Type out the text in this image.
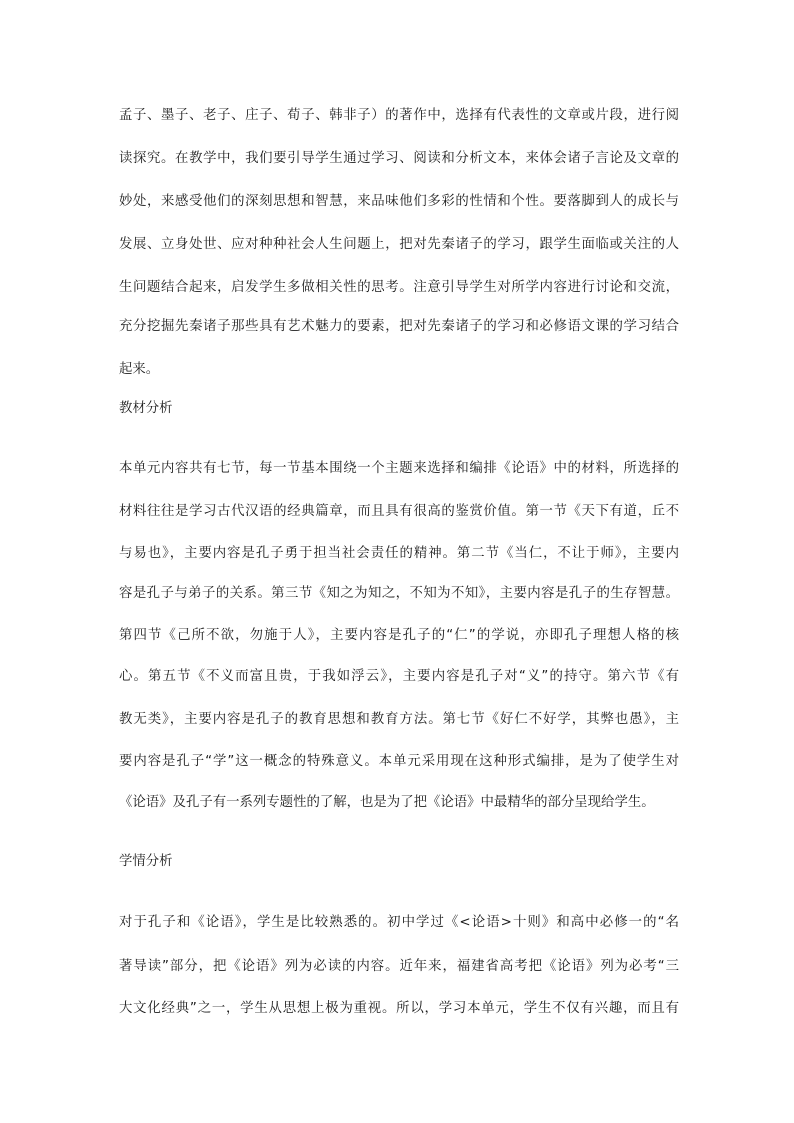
孟子、墨子、老子、庄子、荀子、韩非子）的著作中，选择有代表性的文章或片段，进行阅
读探究。在教学中，我们要引导学生通过学习、阅读和分析文本，来体会诸子言论及文章的
妙处，来感受他们的深刻思想和智慧，来品味他们多彩的性情和个性。要落脚到人的成长与
发展、立身处世、应对种种社会人生问题上，把对先秦诸子的学习，跟学生面临或关注的人
生问题结合起来，启发学生多做相关性的思考。注意引导学生对所学内容进行讨论和交流，
充分挖掘先秦诸子那些具有艺术魅力的要素，把对先秦诸子的学习和必修语文课的学习结合
起来。
教材分析
本单元内容共有七节，每一节基本围绕一个主题来选择和编排《论语》中的材料，所选择的
材料往往是学习古代汉语的经典篇章，而且具有很高的鉴赏价值。第一节《天下有道，丘不
与易也》，主要内容是孔子勇于担当社会责任的精神。第二节《当仁，不让于师》，主要内
容是孔子与弟子的关系。第三节《知之为知之，不知为不知》，主要内容是孔子的生存智慧。
第四节《己所不欲，勿施于人》，主要内容是孔子的“仁”的学说，亦即孔子理想人格的核
心。第五节《不义而富且贵，于我如浮云》，主要内容是孔子对“义”的持守。第六节《有
教无类》，主要内容是孔子的教育思想和教育方法。第七节《好仁不好学，其弊也愚》，主
要内容是孔子“学”这一概念的特殊意义。本单元采用现在这种形式编排，是为了使学生对
《论语》及孔子有一系列专题性的了解，也是为了把《论语》中最精华的部分呈现给学生。
学情分析
对于孔子和《论语》，学生是比较熟悉的。初中学过《<论语>十则》和高中必修一的“名
著导读”部分，把《论语》列为必读的内容。近年来，福建省高考把《论语》列为必考“三
大文化经典”之一，学生从思想上极为重视。所以，学习本单元，学生不仅有兴趣，而且有
